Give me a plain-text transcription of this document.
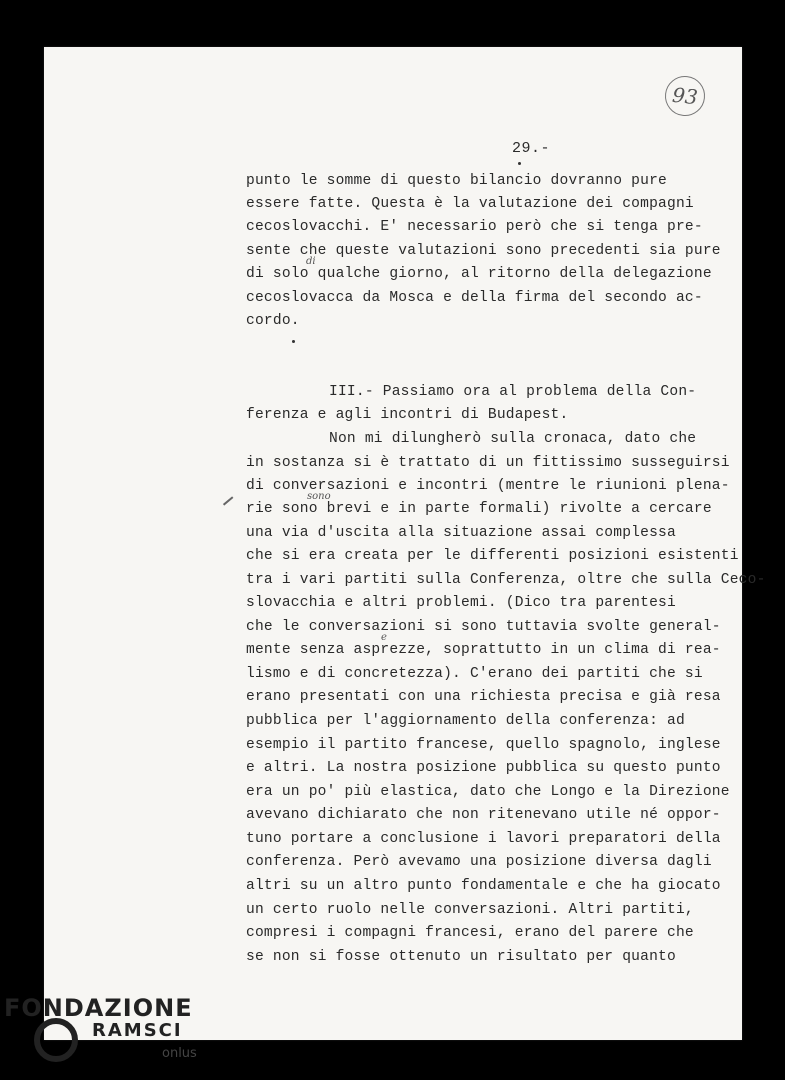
93
29.-
punto le somme di questo bilancio dovranno pure
essere fatte. Questa è la valutazione dei compagni
cecoslovacchi. E' necessario però che si tenga pre-
sente che queste valutazioni sono precedenti sia pure
di
di solo qualche giorno, al ritorno della delegazione
cecoslovacca da Mosca e della firma del secondo ac-
cordo.
III.- Passiamo ora al problema della Con-
ferenza e agli incontri di Budapest.
Non mi dilungherò sulla cronaca, dato che
in sostanza si è trattato di un fittissimo susseguirsi
di conversazioni e incontri (mentre le riunioni plena-
sono
rie sono brevi e in parte formali) rivolte a cercare
una via d'uscita alla situazione assai complessa
che si era creata per le differenti posizioni esistenti
tra i vari partiti sulla Conferenza, oltre che sulla Ceco-
slovacchia e altri problemi. (Dico tra parentesi
che le conversazioni si sono tuttavia svolte general-
e
mente senza asprezze, soprattutto in un clima di rea-
lismo e di concretezza). C'erano dei partiti che si
erano presentati con una richiesta precisa e già resa
pubblica per l'aggiornamento della conferenza: ad
esempio il partito francese, quello spagnolo, inglese
e altri. La nostra posizione pubblica su questo punto
era un po' più elastica, dato che Longo e la Direzione
avevano dichiarato che non ritenevano utile né oppor-
tuno portare a conclusione i lavori preparatori della
conferenza. Però avevamo una posizione diversa dagli
altri su un altro punto fondamentale e che ha giocato
un certo ruolo nelle conversazioni. Altri partiti,
compresi i compagni francesi, erano del parere che
se non si fosse ottenuto un risultato per quanto
FONDAZIONE
RAMSCI
onlus
